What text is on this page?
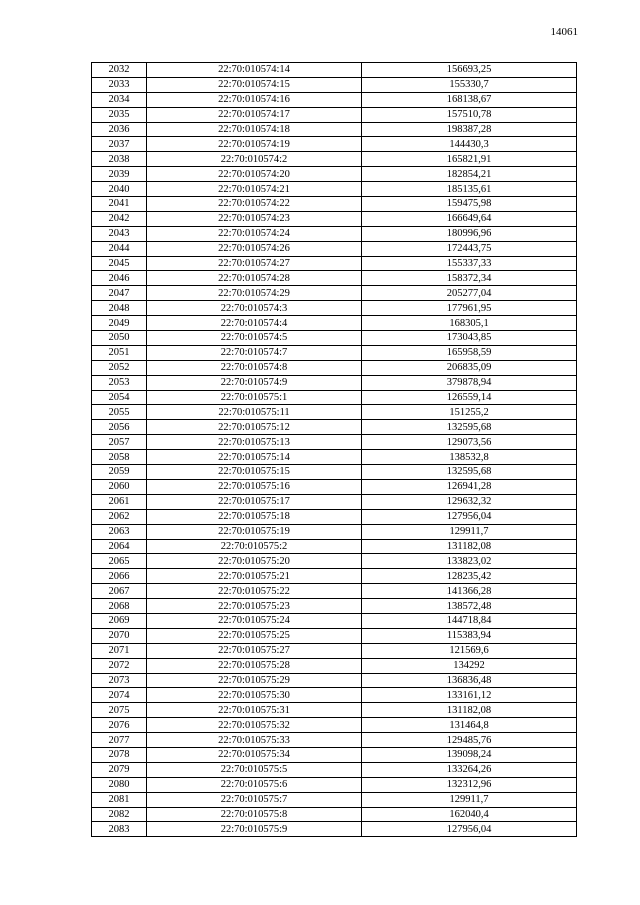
14061
2032	22:70:010574:14	156693,25
2033	22:70:010574:15	155330,7
2034	22:70:010574:16	168138,67
2035	22:70:010574:17	157510,78
2036	22:70:010574:18	198387,28
2037	22:70:010574:19	144430,3
2038	22:70:010574:2	165821,91
2039	22:70:010574:20	182854,21
2040	22:70:010574:21	185135,61
2041	22:70:010574:22	159475,98
2042	22:70:010574:23	166649,64
2043	22:70:010574:24	180996,96
2044	22:70:010574:26	172443,75
2045	22:70:010574:27	155337,33
2046	22:70:010574:28	158372,34
2047	22:70:010574:29	205277,04
2048	22:70:010574:3	177961,95
2049	22:70:010574:4	168305,1
2050	22:70:010574:5	173043,85
2051	22:70:010574:7	165958,59
2052	22:70:010574:8	206835,09
2053	22:70:010574:9	379878,94
2054	22:70:010575:1	126559,14
2055	22:70:010575:11	151255,2
2056	22:70:010575:12	132595,68
2057	22:70:010575:13	129073,56
2058	22:70:010575:14	138532,8
2059	22:70:010575:15	132595,68
2060	22:70:010575:16	126941,28
2061	22:70:010575:17	129632,32
2062	22:70:010575:18	127956,04
2063	22:70:010575:19	129911,7
2064	22:70:010575:2	131182,08
2065	22:70:010575:20	133823,02
2066	22:70:010575:21	128235,42
2067	22:70:010575:22	141366,28
2068	22:70:010575:23	138572,48
2069	22:70:010575:24	144718,84
2070	22:70:010575:25	115383,94
2071	22:70:010575:27	121569,6
2072	22:70:010575:28	134292
2073	22:70:010575:29	136836,48
2074	22:70:010575:30	133161,12
2075	22:70:010575:31	131182,08
2076	22:70:010575:32	131464,8
2077	22:70:010575:33	129485,76
2078	22:70:010575:34	139098,24
2079	22:70:010575:5	133264,26
2080	22:70:010575:6	132312,96
2081	22:70:010575:7	129911,7
2082	22:70:010575:8	162040,4
2083	22:70:010575:9	127956,04
